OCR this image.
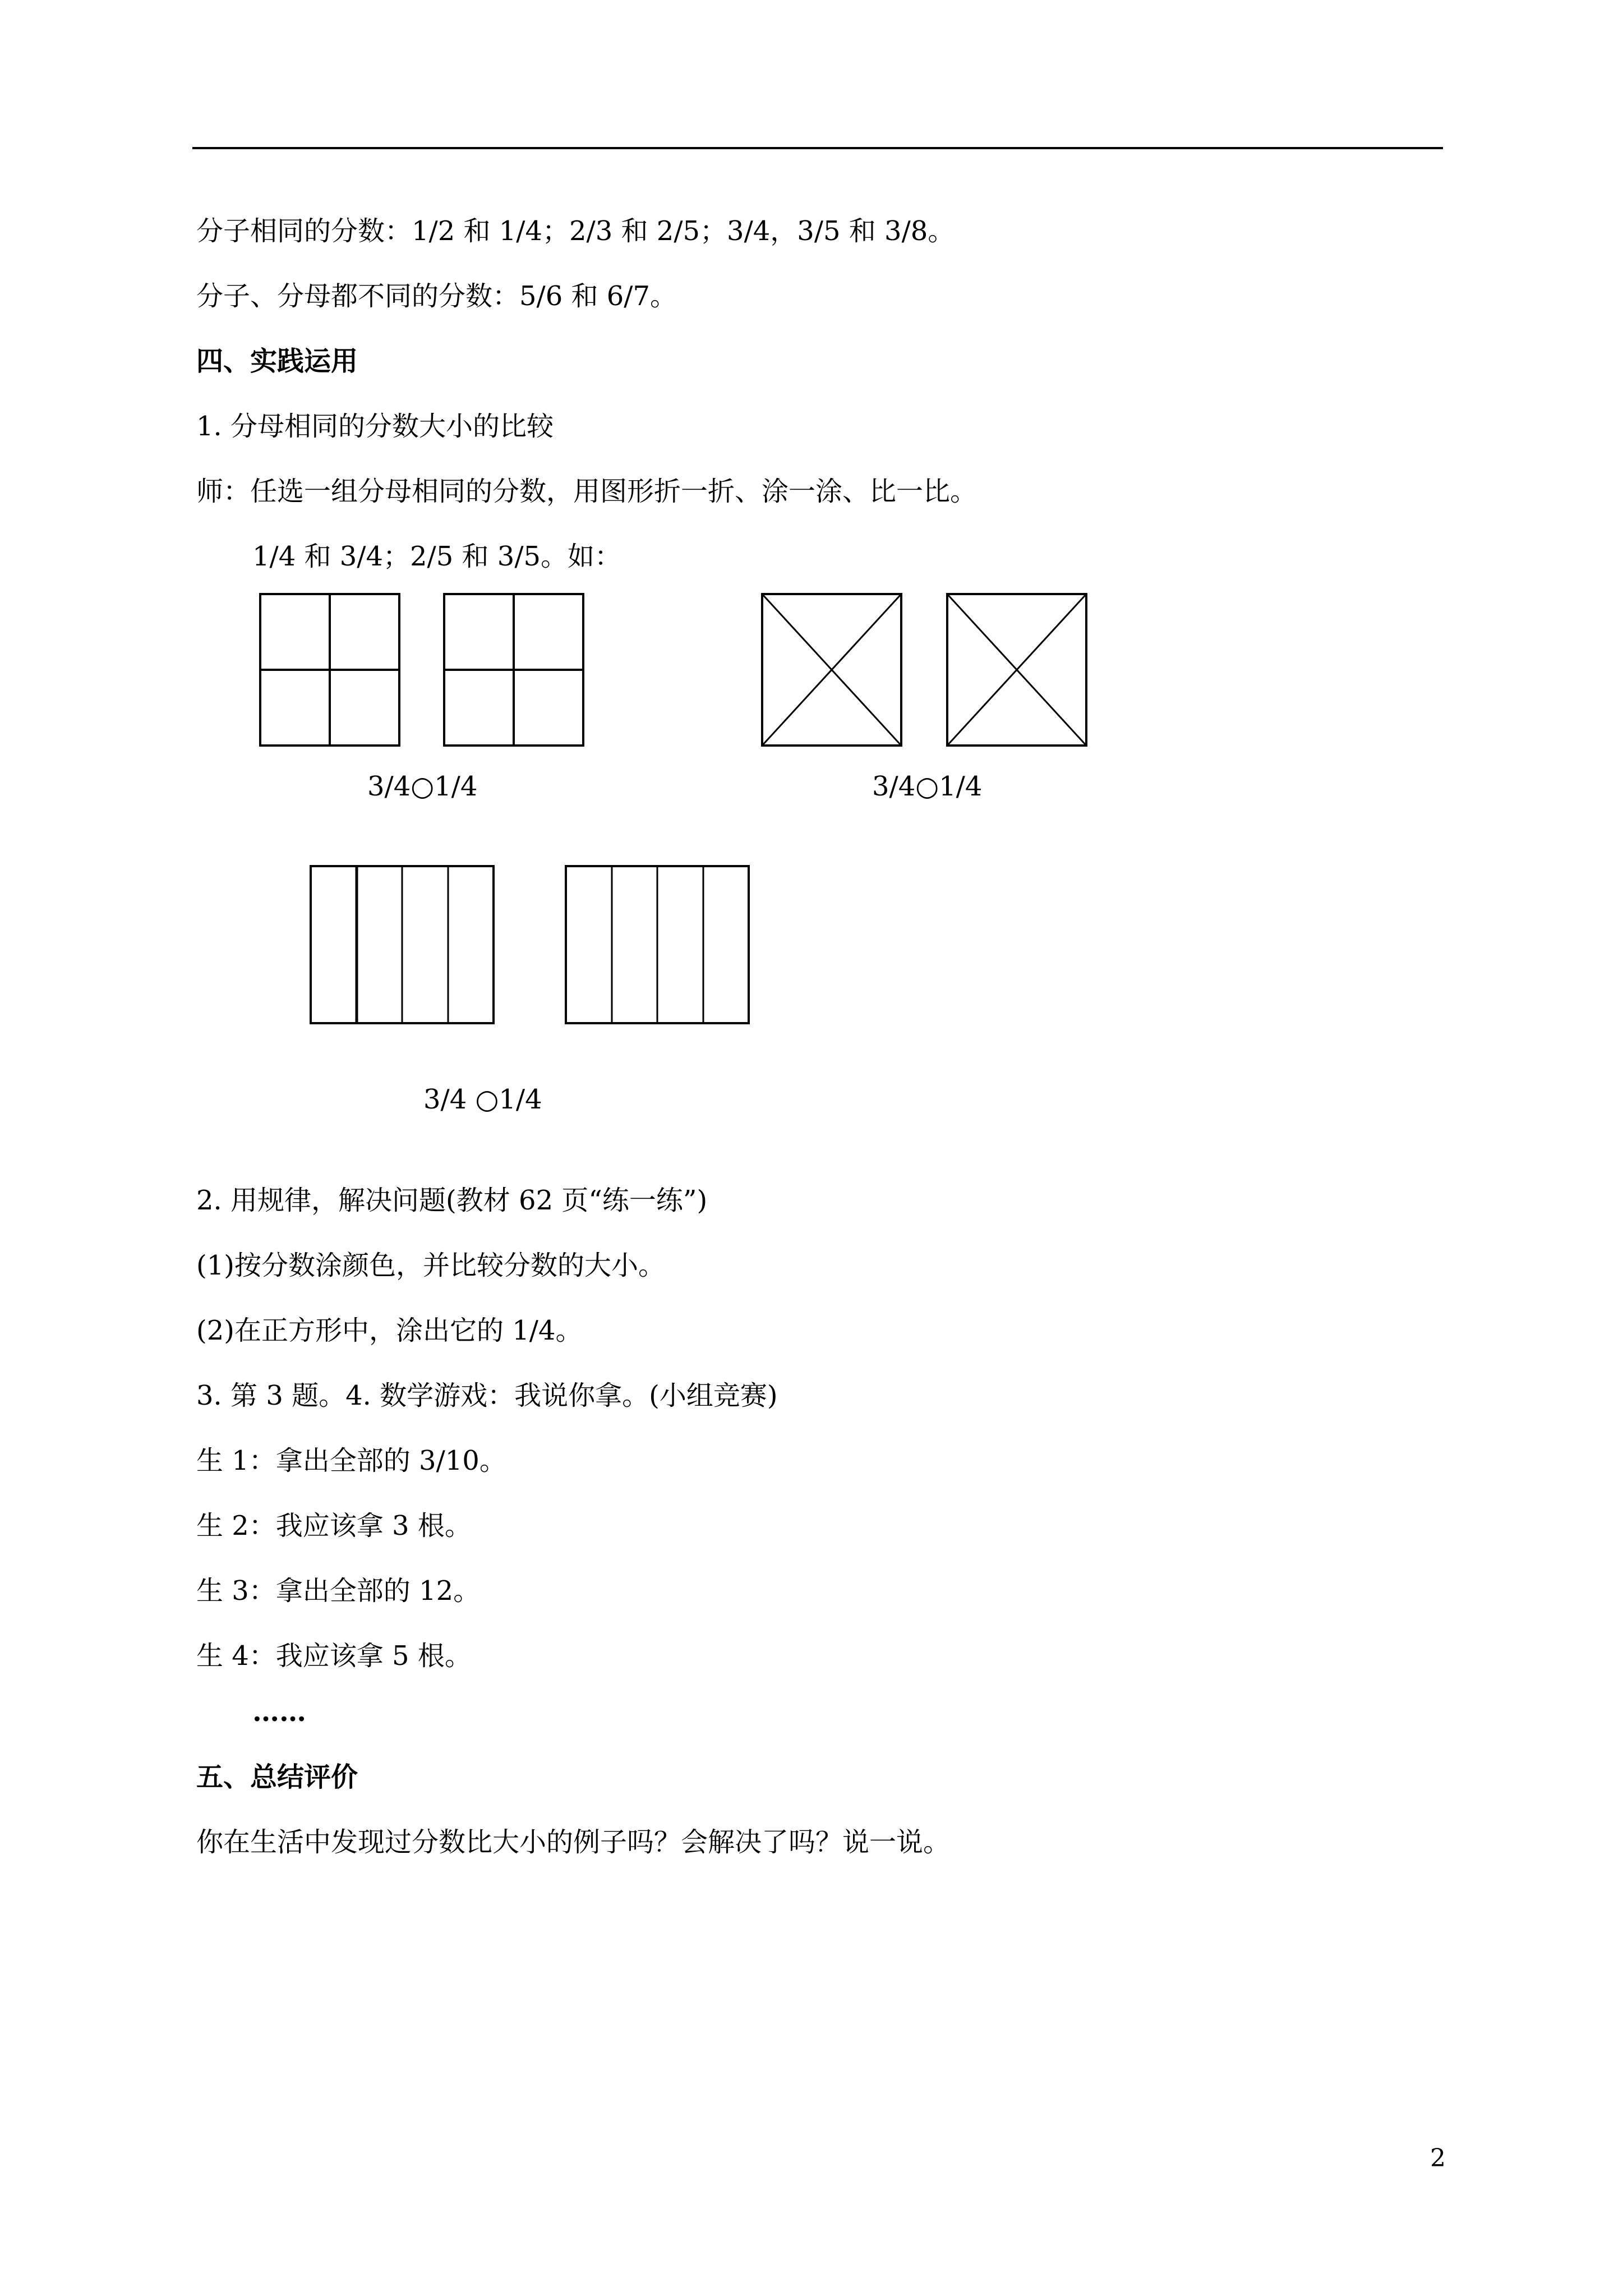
分子相同的分数：1/2 和 1/4；2/3 和 2/5；3/4，3/5 和 3/8。
分子、分母都不同的分数：5/6 和 6/7。
四、实践运用
1. 分母相同的分数大小的比较
师：任选一组分母相同的分数，用图形折一折、涂一涂、比一比。
1/4 和 3/4；2/5 和 3/5。如：
3/4○1/4	3/4○1/4
3/4 ○1/4
2. 用规律，解决问题(教材 62 页“练一练”)
(1)按分数涂颜色，并比较分数的大小。
(2)在正方形中，涂出它的 1/4。
3. 第 3 题。4. 数学游戏：我说你拿。(小组竞赛)
生 1：拿出全部的 3/10。
生 2：我应该拿 3 根。
生 3：拿出全部的 12。
生 4：我应该拿 5 根。
……
五、总结评价
你在生活中发现过分数比大小的例子吗？会解决了吗？说一说。
2
